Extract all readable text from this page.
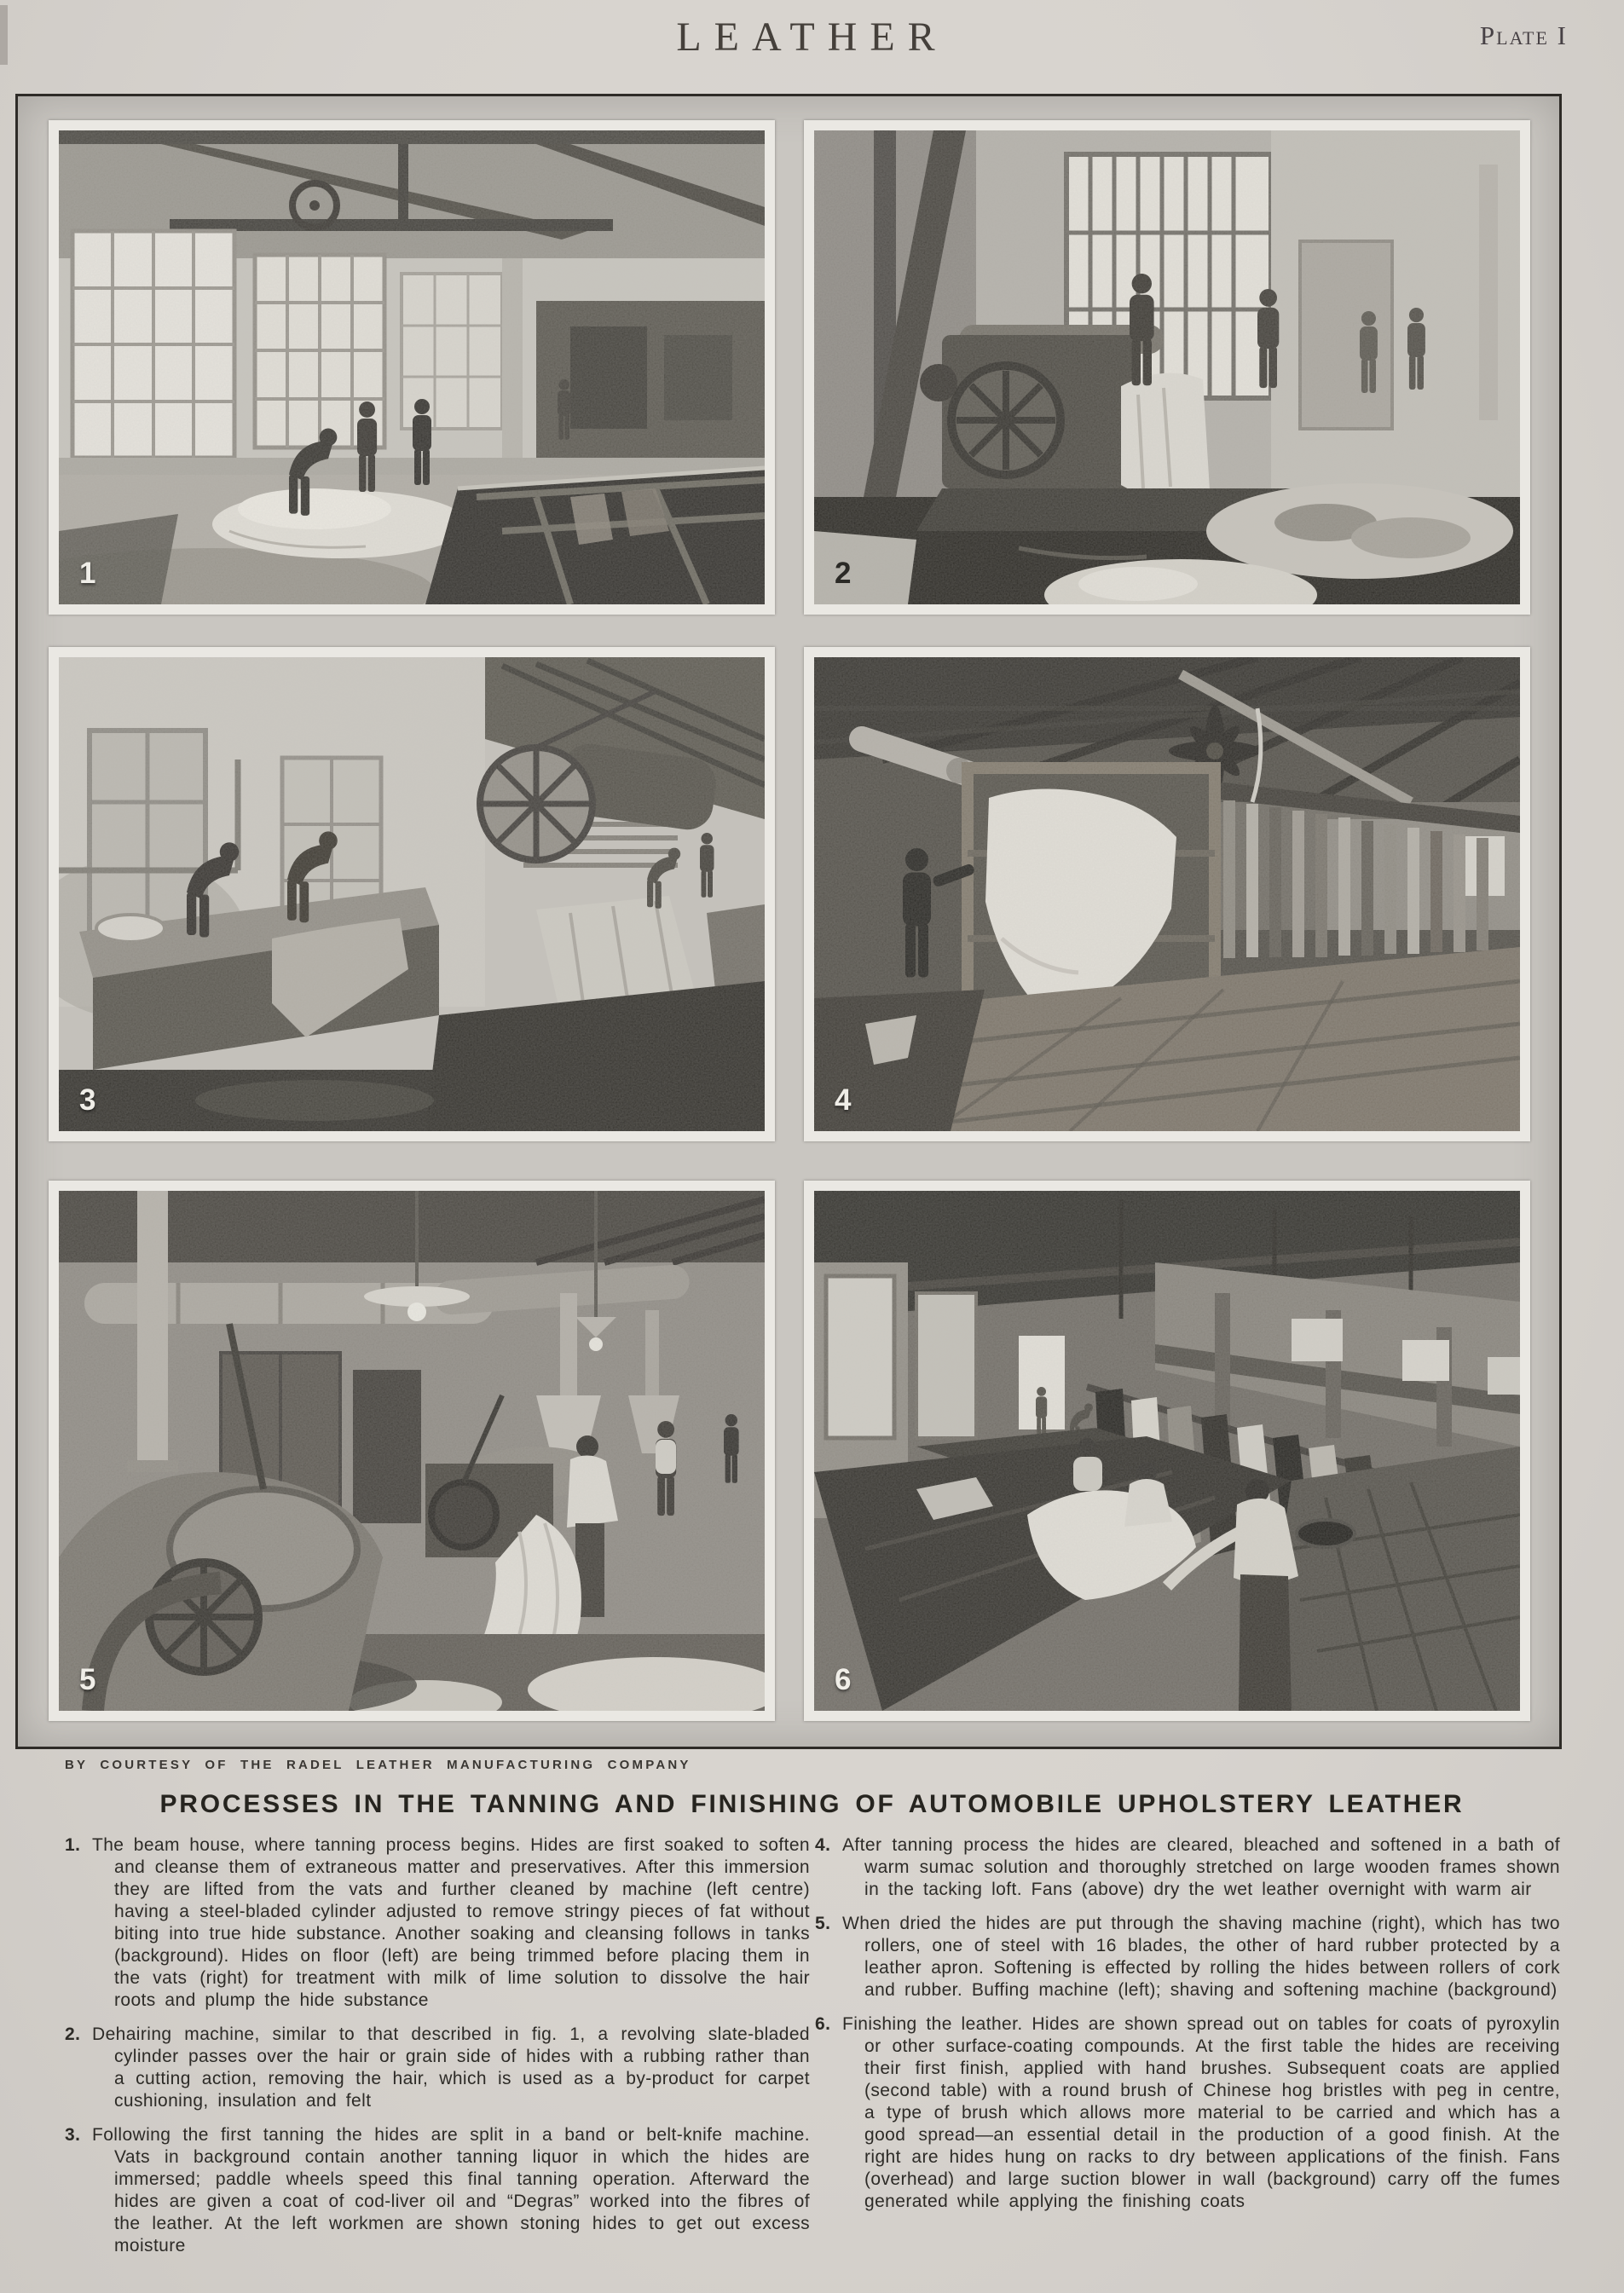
LEATHER	Plate I
1	2
3	4
5	6
BY COURTESY OF THE RADEL LEATHER MANUFACTURING COMPANY
PROCESSES IN THE TANNING AND FINISHING OF AUTOMOBILE UPHOLSTERY LEATHER

1. The beam house, where tanning process begins. Hides are first soaked to soften and cleanse them of extraneous matter and preservatives. After this immersion they are lifted from the vats and further cleaned by machine (left centre) having a steel-bladed cylinder adjusted to remove stringy pieces of fat without biting into true hide substance. Another soaking and cleansing follows in tanks (background). Hides on floor (left) are being trimmed before placing them in the vats (right) for treatment with milk of lime solution to dissolve the hair roots and plump the hide substance

2. Dehairing machine, similar to that described in fig. 1, a revolving slate-bladed cylinder passes over the hair or grain side of hides with a rubbing rather than a cutting action, removing the hair, which is used as a by-product for carpet cushioning, insulation and felt

3. Following the first tanning the hides are split in a band or belt-knife machine. Vats in background contain another tanning liquor in which the hides are immersed; paddle wheels speed this final tanning operation. Afterward the hides are given a coat of cod-liver oil and “Degras” worked into the fibres of the leather. At the left workmen are shown stoning hides to get out excess moisture

4. After tanning process the hides are cleared, bleached and softened in a bath of warm sumac solution and thoroughly stretched on large wooden frames shown in the tacking loft. Fans (above) dry the wet leather overnight with warm air

5. When dried the hides are put through the shaving machine (right), which has two rollers, one of steel with 16 blades, the other of hard rubber protected by a leather apron. Softening is effected by rolling the hides between rollers of cork and rubber. Buffing machine (left); shaving and softening machine (background)

6. Finishing the leather. Hides are shown spread out on tables for coats of pyroxylin or other surface-coating compounds. At the first table the hides are receiving their first finish, applied with hand brushes. Subsequent coats are applied (second table) with a round brush of Chinese hog bristles with peg in centre, a type of brush which allows more material to be carried and which has a good spread—an essential detail in the production of a good finish. At the right are hides hung on racks to dry between applications of the finish. Fans (overhead) and large suction blower in wall (background) carry off the fumes generated while applying the finishing coats
